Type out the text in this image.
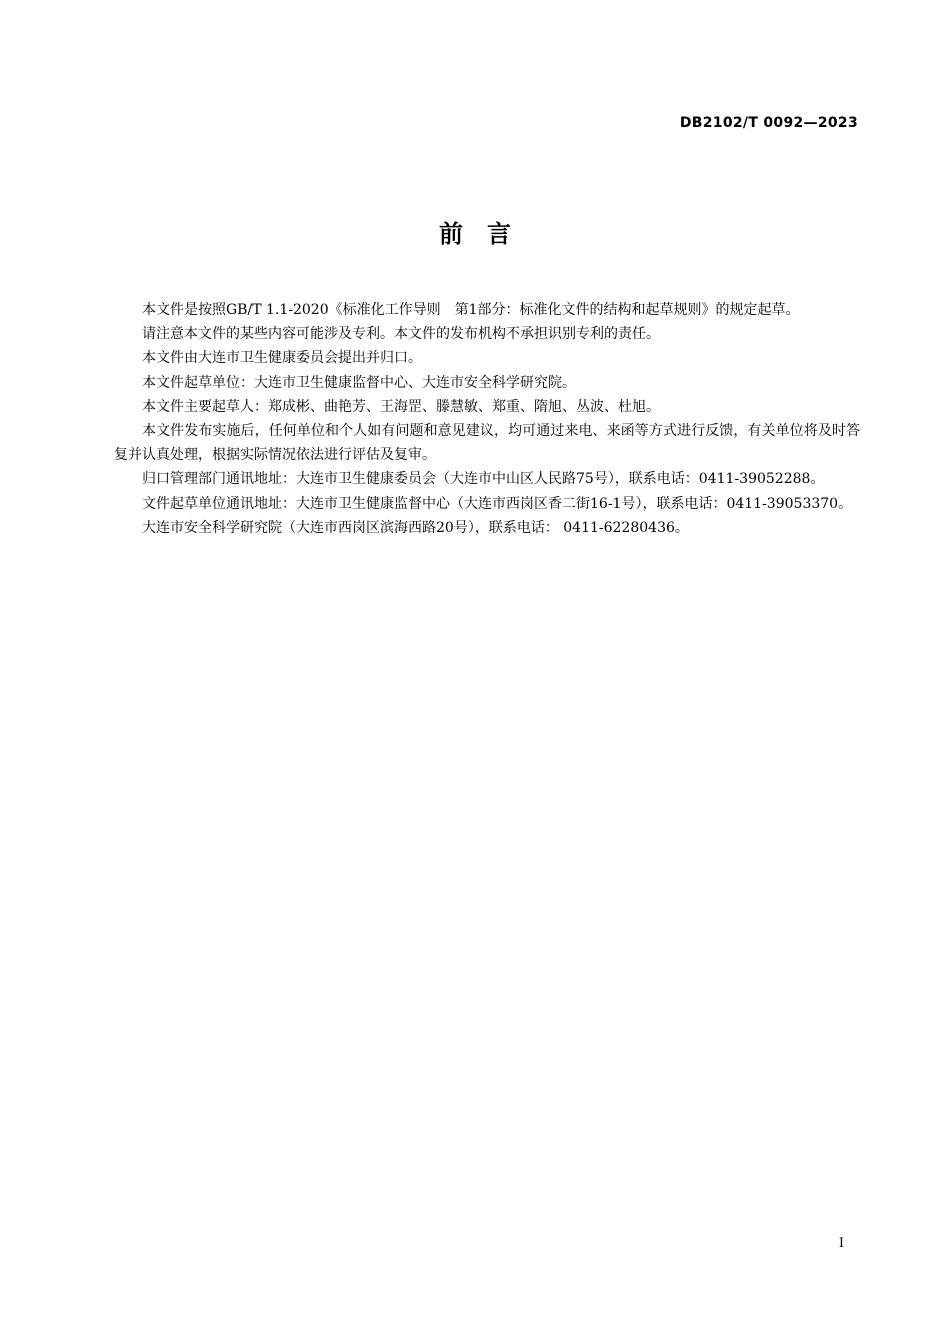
DB2102/T 0092—2023
前 言

本文件是按照GB/T 1.1-2020《标准化工作导则　第1部分：标准化文件的结构和起草规则》的规定起草。

请注意本文件的某些内容可能涉及专利。本文件的发布机构不承担识别专利的责任。

本文件由大连市卫生健康委员会提出并归口。

本文件起草单位：大连市卫生健康监督中心、大连市安全科学研究院。

本文件主要起草人：郑成彬、曲艳芳、王海罡、滕慧敏、郑重、隋旭、丛波、杜旭。

本文件发布实施后，任何单位和个人如有问题和意见建议，均可通过来电、来函等方式进行反馈，有关单位将及时答复并认真处理，根据实际情况依法进行评估及复审。

归口管理部门通讯地址：大连市卫生健康委员会（大连市中山区人民路75号），联系电话：0411-39052288。

文件起草单位通讯地址：大连市卫生健康监督中心（大连市西岗区香二街16-1号），联系电话：0411-39053370。

大连市安全科学研究院（大连市西岗区滨海西路20号），联系电话： 0411-62280436。

I
